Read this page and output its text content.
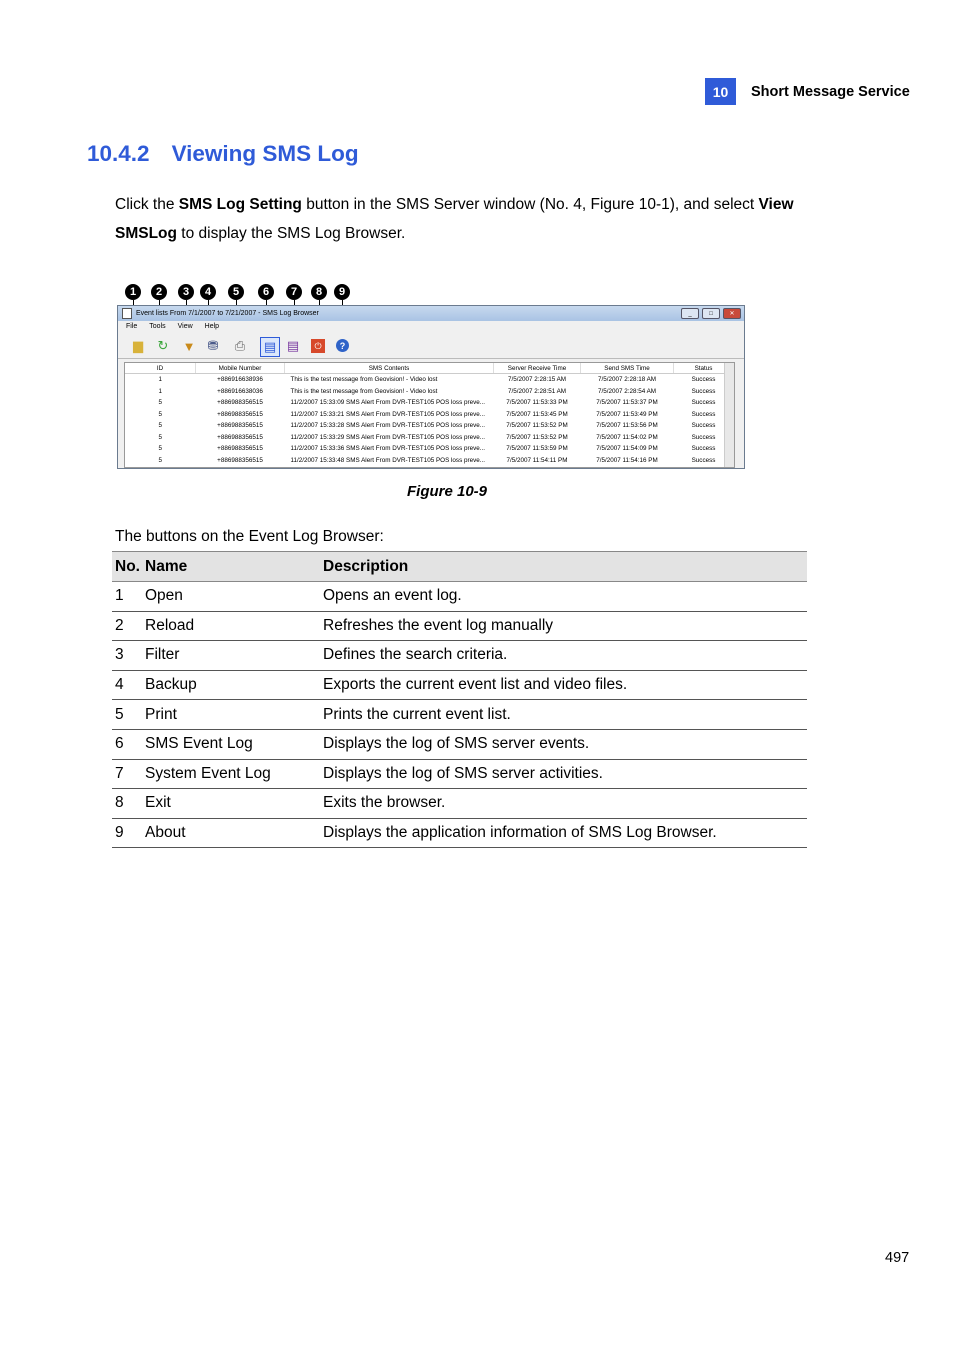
10	Short Message Service
10.4.2 Viewing SMS Log
Click the SMS Log Setting button in the SMS Server window (No. 4, Figure 10-1), and select View SMSLog to display the SMS Log Browser.
1	2	3	4	5	6	7	8	9
Event lists From 7/1/2007 to 7/21/2007 - SMS Log Browser	_	□	✕
File Tools View Help
▆	↻ ▼ ⛃ ⎙ ▤ ▤	⏻	?
ID	Mobile Number	SMS Contents	Server Receive Time	Send SMS Time	Status
1	+886916638936	This is the test message from Geovision! - Video lost	7/5/2007 2:28:15 AM	7/5/2007 2:28:18 AM	Success
1	+886916638036	This is the test message from Geovision! - Video lost	7/5/2007 2:28:51 AM	7/5/2007 2:28:54 AM	Success
5	+886988356515	11/2/2007 15:33:09 SMS Alert From DVR-TEST105 POS loss preve...	7/5/2007 11:53:33 PM	7/5/2007 11:53:37 PM	Success
5	+886988356515	11/2/2007 15:33:21 SMS Alert From DVR-TEST105 POS loss preve...	7/5/2007 11:53:45 PM	7/5/2007 11:53:49 PM	Success
5	+886988356515	11/2/2007 15:33:28 SMS Alert From DVR-TEST105 POS loss preve...	7/5/2007 11:53:52 PM	7/5/2007 11:53:56 PM	Success
5	+886988356515	11/2/2007 15:33:29 SMS Alert From DVR-TEST105 POS loss preve...	7/5/2007 11:53:52 PM	7/5/2007 11:54:02 PM	Success
5	+886988356515	11/2/2007 15:33:36 SMS Alert From DVR-TEST105 POS loss preve...	7/5/2007 11:53:59 PM	7/5/2007 11:54:09 PM	Success
5	+886988356515	11/2/2007 15:33:48 SMS Alert From DVR-TEST105 POS loss preve...	7/5/2007 11:54:11 PM	7/5/2007 11:54:16 PM	Success
Figure 10-9
The buttons on the Event Log Browser:
No.	Name	Description
1	Open	Opens an event log.
2	Reload	Refreshes the event log manually
3	Filter	Defines the search criteria.
4	Backup	Exports the current event list and video files.
5	Print	Prints the current event list.
6	SMS Event Log	Displays the log of SMS server events.
7	System Event Log	Displays the log of SMS server activities.
8	Exit	Exits the browser.
9	About	Displays the application information of SMS Log Browser.
497
